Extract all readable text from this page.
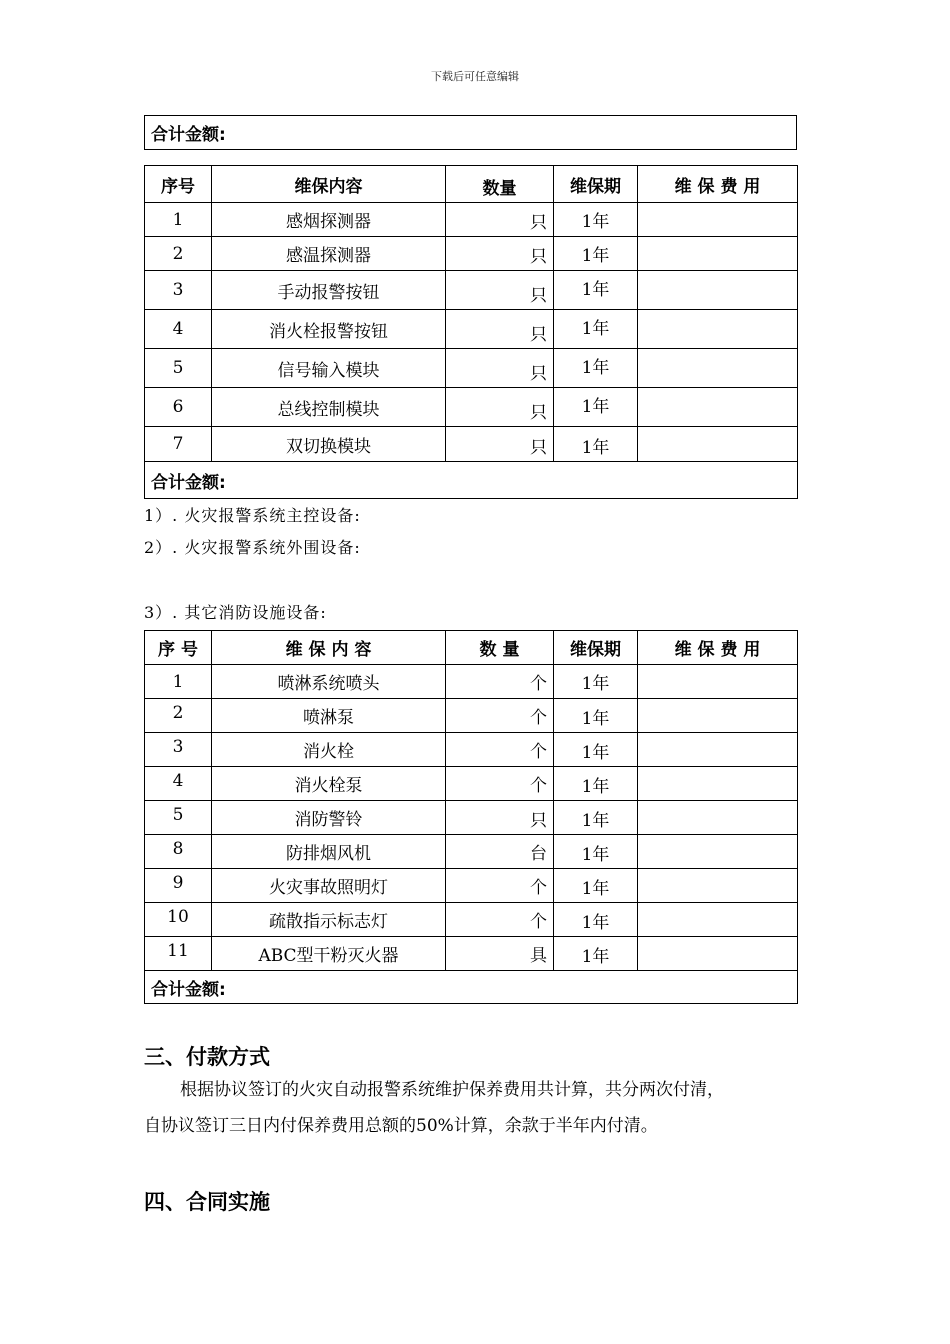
下载后可任意编辑
合计金额:
序号	维保内容	数量	维保期	维 保 费 用
1	感烟探测器	只	1年	
2	感温探测器	只	1年	
3	手动报警按钮	只	1年	
4	消火栓报警按钮	只	1年	
5	信号输入模块	只	1年	
6	总线控制模块	只	1年	
7	双切换模块	只	1年	
合计金额:				
1）. 火灾报警系统主控设备:
2）. 火灾报警系统外围设备:
3）. 其它消防设施设备:
序 号	维 保 内 容	数 量	维保期	维 保 费 用
1	喷淋系统喷头	个	1年	
2	喷淋泵	个	1年	
3	消火栓	个	1年	
4	消火栓泵	个	1年	
5	消防警铃	只	1年	
8	防排烟风机	台	1年	
9	火灾事故照明灯	个	1年	
10	疏散指示标志灯	个	1年	
11	ABC型干粉灭火器	具	1年	
合计金额:				
三、付款方式

根据协议签订的火灾自动报警系统维护保养费用共计算，共分两次付清，

自协议签订三日内付保养费用总额的50%计算，余款于半年内付清。

四、合同实施
